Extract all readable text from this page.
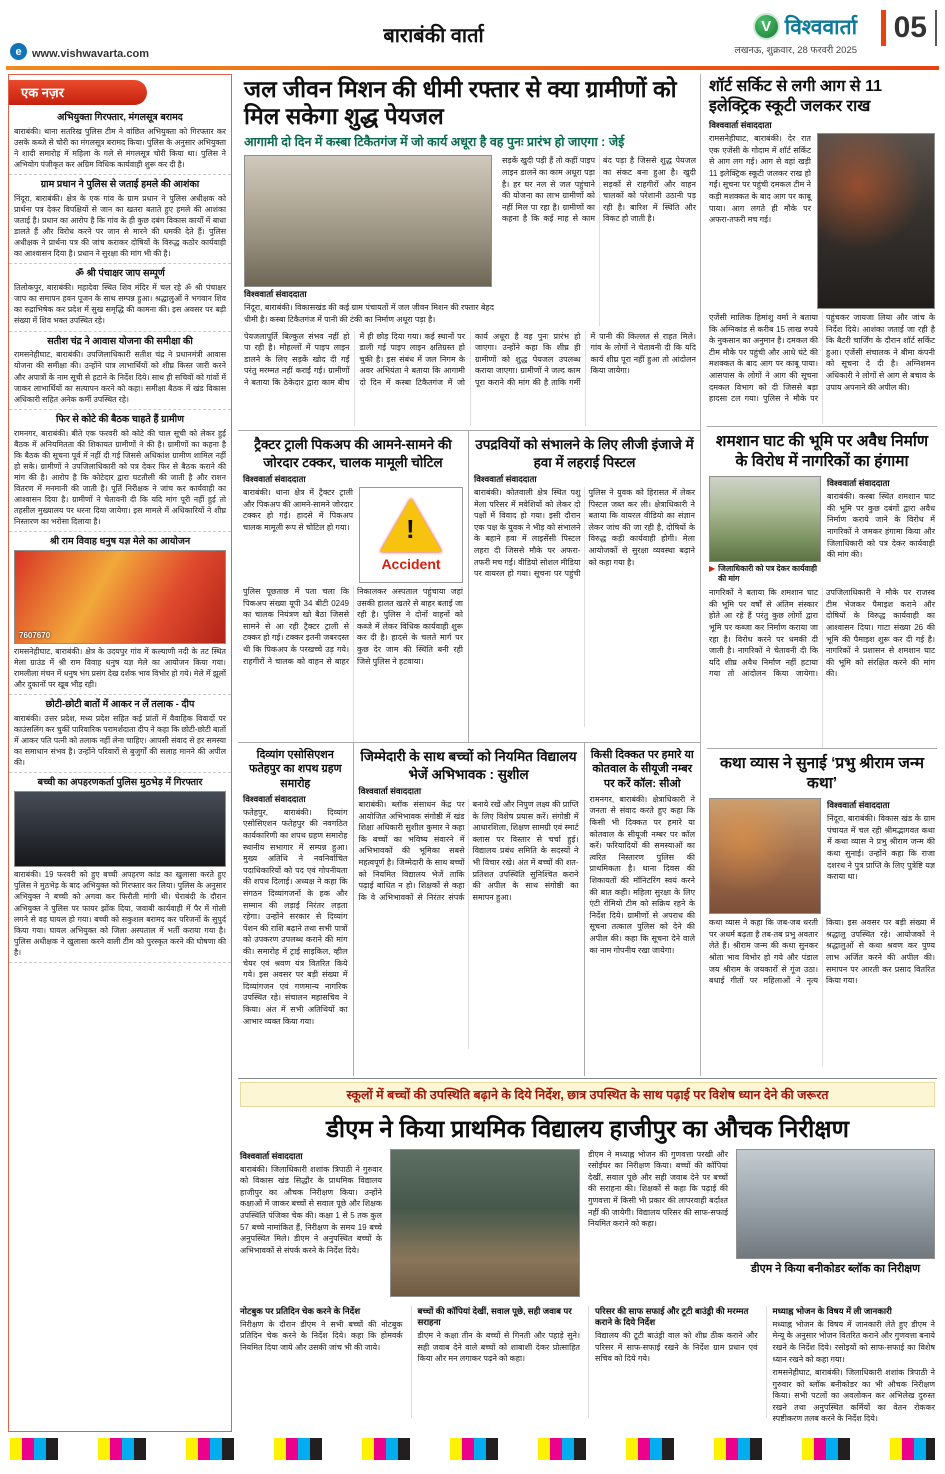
e www.vishwavarta.com
बाराबंकी वार्ता	V विश्ववार्ता
लखनऊ, शुक्रवार, 28 फरवरी 2025
05
एक नज़र
अभियुक्ता गिरफ्तार, मंगलसूत्र बरामद
बाराबंकी। थाना सतरिख पुलिस टीम ने वांछित अभियुक्ता को गिरफ्तार कर उसके कब्जे से चोरी का मंगलसूत्र बरामद किया। पुलिस के अनुसार अभियुक्ता ने शादी समारोह में महिला के गले से मंगलसूत्र चोरी किया था। पुलिस ने अभियोग पंजीकृत कर अग्रिम विधिक कार्यवाही शुरू कर दी है।
ग्राम प्रधान ने पुलिस से जताई हमले की आशंका
निंदूरा, बाराबंकी। क्षेत्र के एक गांव के ग्राम प्रधान ने पुलिस अधीक्षक को प्रार्थना पत्र देकर विपक्षियों से जान का खतरा बताते हुए हमले की आशंका जताई है। प्रधान का आरोप है कि गांव के ही कुछ दबंग विकास कार्यों में बाधा डालते हैं और विरोध करने पर जान से मारने की धमकी देते हैं। पुलिस अधीक्षक ने प्रार्थना पत्र की जांच कराकर दोषियों के विरुद्ध कठोर कार्यवाही का आश्वासन दिया है। प्रधान ने सुरक्षा की मांग भी की है।
ॐ श्री पंचाक्षर जाप सम्पूर्ण
तिलोकपुर, बाराबंकी। महादेवा स्थित शिव मंदिर में चल रहे ॐ श्री पंचाक्षर जाप का समापन हवन पूजन के साथ सम्पन्न हुआ। श्रद्धालुओं ने भगवान शिव का रुद्राभिषेक कर प्रदेश में सुख समृद्धि की कामना की। इस अवसर पर बड़ी संख्या में शिव भक्त उपस्थित रहे।
सतीश चंद्र ने आवास योजना की समीक्षा की
रामसनेहीघाट, बाराबंकी। उपजिलाधिकारी सतीश चंद्र ने प्रधानमंत्री आवास योजना की समीक्षा की। उन्होंने पात्र लाभार्थियों को शीघ्र किस्त जारी करने और अपात्रों के नाम सूची से हटाने के निर्देश दिये। साथ ही सचिवों को गांवों में जाकर लाभार्थियों का सत्यापन करने को कहा। समीक्षा बैठक में खंड विकास अधिकारी सहित अनेक कर्मी उपस्थित रहे।
फिर से कोटे की बैठक चाहते हैं ग्रामीण
रामनगर, बाराबंकी। बीते एक फरवरी को कोटे की चाल सूची को लेकर हुई बैठक में अनियमितता की शिकायत ग्रामीणों ने की है। ग्रामीणों का कहना है कि बैठक की सूचना पूर्व में नहीं दी गई जिससे अधिकांश ग्रामीण शामिल नहीं हो सके। ग्रामीणों ने उपजिलाधिकारी को पत्र देकर फिर से बैठक कराने की मांग की है। आरोप है कि कोटेदार द्वारा घटतौली की जाती है और राशन वितरण में मनमानी की जाती है। पूर्ति निरीक्षक ने जांच कर कार्यवाही का आश्वासन दिया है। ग्रामीणों ने चेतावनी दी कि यदि मांग पूरी नहीं हुई तो तहसील मुख्यालय पर धरना दिया जायेगा। इस मामले में अधिकारियों ने शीघ्र निस्तारण का भरोसा दिलाया है।
श्री राम विवाह धनुष यज्ञ मेले का आयोजन
7607670
रामसनेहीघाट, बाराबंकी। क्षेत्र के उदयपुर गांव में कल्याणी नदी के तट स्थित मेला ग्राउंड में श्री राम विवाह धनुष यज्ञ मेले का आयोजन किया गया। रामलीला मंचन में धनुष भंग प्रसंग देख दर्शक भाव विभोर हो गये। मेले में झूलों और दुकानों पर खूब भीड़ रही।
छोटी-छोटी बातों में आकर न लें तलाक - दीप
बाराबंकी। उत्तर प्रदेश, मध्य प्रदेश सहित कई प्रांतों में वैवाहिक विवादों पर काउंसलिंग कर चुकीं पारिवारिक परामर्शदाता दीप ने कहा कि छोटी-छोटी बातों में आकर पति पत्नी को तलाक नहीं लेना चाहिए। आपसी संवाद से हर समस्या का समाधान संभव है। उन्होंने परिवारों से बुजुर्गों की सलाह मानने की अपील की।
बच्ची का अपहरणकर्ता पुलिस मुठभेड़ में गिरफ्तार
बाराबंकी। 19 फरवरी को हुए बच्ची अपहरण कांड का खुलासा करते हुए पुलिस ने मुठभेड़ के बाद अभियुक्त को गिरफ्तार कर लिया। पुलिस के अनुसार अभियुक्त ने बच्ची को अगवा कर फिरौती मांगी थी। घेराबंदी के दौरान अभियुक्त ने पुलिस पर फायर झोंक दिया, जवाबी कार्यवाही में पैर में गोली लगने से वह घायल हो गया। बच्ची को सकुशल बरामद कर परिजनों के सुपुर्द किया गया। घायल अभियुक्त को जिला अस्पताल में भर्ती कराया गया है। पुलिस अधीक्षक ने खुलासा करने वाली टीम को पुरस्कृत करने की घोषणा की है।
जल जीवन मिशन की धीमी रफ्तार से क्या ग्रामीणों को मिल सकेगा शुद्ध पेयजल
आगामी दो दिन में कस्बा टिकैतगंज में जो कार्य अधूरा है वह पुनः प्रारंभ हो जाएगा : जेई
विश्ववार्ता संवाददाता
निंदूरा, बाराबंकी। विकासखंड की कई ग्राम पंचायतों में जल जीवन मिशन की रफ्तार बेहद धीमी है। कस्बा टिकैतगंज में पानी की टंकी का निर्माण अधूरा पड़ा है।
सड़कें खुदी पड़ी हैं तो कहीं पाइप लाइन डालने का काम अधूरा पड़ा है। हर घर नल से जल पहुंचाने की योजना का लाभ ग्रामीणों को नहीं मिल पा रहा है। ग्रामीणों का कहना है कि कई माह से काम बंद पड़ा है जिससे शुद्ध पेयजल का संकट बना हुआ है। खुदी सड़कों से राहगीरों और वाहन चालकों को परेशानी उठानी पड़ रही है। बारिश में स्थिति और विकट हो जाती है।
पेयजलापूर्ति बिल्कुल संभव नहीं हो पा रही है। मोहल्लों में पाइप लाइन डालने के लिए सड़कें खोद दी गईं परंतु मरम्मत नहीं कराई गई। ग्रामीणों ने बताया कि ठेकेदार द्वारा काम बीच में ही छोड़ दिया गया। कई स्थानों पर डाली गई पाइप लाइन क्षतिग्रस्त हो चुकी है। इस संबंध में जल निगम के अवर अभियंता ने बताया कि आगामी दो दिन में कस्बा टिकैतगंज में जो कार्य अधूरा है वह पुनः प्रारंभ हो जाएगा। उन्होंने कहा कि शीघ्र ही ग्रामीणों को शुद्ध पेयजल उपलब्ध कराया जाएगा। ग्रामीणों ने जल्द काम पूरा कराने की मांग की है ताकि गर्मी में पानी की किल्लत से राहत मिले। गांव के लोगों ने चेतावनी दी कि यदि कार्य शीघ्र पूरा नहीं हुआ तो आंदोलन किया जायेगा।
ट्रैक्टर ट्राली पिकअप की आमने-सामने की जोरदार टक्कर, चालक मामूली चोटिल
विश्ववार्ता संवाददाता
बाराबंकी। थाना क्षेत्र में ट्रैक्टर ट्राली और पिकअप की आमने-सामने जोरदार टक्कर हो गई। हादसे में पिकअप चालक मामूली रूप से चोटिल हो गया। !
Accident
पुलिस पूछताछ में पता चला कि पिकअप संख्या यूपी 34 बीटी 0249 का चालक नियंत्रण खो बैठा जिससे सामने से आ रही ट्रैक्टर ट्राली से टक्कर हो गई। टक्कर इतनी जबरदस्त थी कि पिकअप के परखच्चे उड़ गये। राहगीरों ने चालक को वाहन से बाहर निकालकर अस्पताल पहुंचाया जहां उसकी हालत खतरे से बाहर बताई जा रही है। पुलिस ने दोनों वाहनों को कब्जे में लेकर विधिक कार्यवाही शुरू कर दी है। हादसे के चलते मार्ग पर कुछ देर जाम की स्थिति बनी रही जिसे पुलिस ने हटवाया।
उपद्रवियों को संभालने के लिए लीजी इंजाजे में हवा में लहराई पिस्टल
विश्ववार्ता संवाददाता
बाराबंकी। कोतवाली क्षेत्र स्थित पशु मेला परिसर में मवेशियों को लेकर दो पक्षों में विवाद हो गया। इसी दौरान एक पक्ष के युवक ने भीड़ को संभालने के बहाने हवा में लाइसेंसी पिस्टल लहरा दी जिससे मौके पर अफरा-तफरी मच गई। वीडियो सोशल मीडिया पर वायरल हो गया। सूचना पर पहुंची पुलिस ने युवक को हिरासत में लेकर पिस्टल जब्त कर ली। क्षेत्राधिकारी ने बताया कि वायरल वीडियो का संज्ञान लेकर जांच की जा रही है, दोषियों के विरुद्ध कड़ी कार्यवाही होगी। मेला आयोजकों से सुरक्षा व्यवस्था बढ़ाने को कहा गया है।
दिव्यांग एसोसिएशन फतेहपुर का शपथ ग्रहण समारोह
विश्ववार्ता संवाददाता
फतेहपुर, बाराबंकी। दिव्यांग एसोसिएशन फतेहपुर की नवगठित कार्यकारिणी का शपथ ग्रहण समारोह स्थानीय सभागार में सम्पन्न हुआ। मुख्य अतिथि ने नवनिर्वाचित पदाधिकारियों को पद एवं गोपनीयता की शपथ दिलाई। अध्यक्ष ने कहा कि संगठन दिव्यांगजनों के हक और सम्मान की लड़ाई निरंतर लड़ता रहेगा। उन्होंने सरकार से दिव्यांग पेंशन की राशि बढ़ाने तथा सभी पात्रों को उपकरण उपलब्ध कराने की मांग की। समारोह में ट्राई साइकिल, व्हील चेयर एवं श्रवण यंत्र वितरित किये गये। इस अवसर पर बड़ी संख्या में दिव्यांगजन एवं गणमान्य नागरिक उपस्थित रहे। संचालन महासचिव ने किया। अंत में सभी अतिथियों का आभार व्यक्त किया गया।
जिम्मेदारी के साथ बच्चों को नियमित विद्यालय भेजें अभिभावक : सुशील
विश्ववार्ता संवाददाता
बाराबंकी। ब्लॉक संसाधन केंद्र पर आयोजित अभिभावक संगोष्ठी में खंड शिक्षा अधिकारी सुशील कुमार ने कहा कि बच्चों का भविष्य संवारने में अभिभावकों की भूमिका सबसे महत्वपूर्ण है। जिम्मेदारी के साथ बच्चों को नियमित विद्यालय भेजें ताकि पढ़ाई बाधित न हो। शिक्षकों से कहा कि वे अभिभावकों से निरंतर संपर्क बनाये रखें और निपुण लक्ष्य की प्राप्ति के लिए विशेष प्रयास करें। संगोष्ठी में आधारशिला, शिक्षण सामग्री एवं स्मार्ट क्लास पर विस्तार से चर्चा हुई। विद्यालय प्रबंध समिति के सदस्यों ने भी विचार रखे। अंत में बच्चों की शत-प्रतिशत उपस्थिति सुनिश्चित कराने की अपील के साथ संगोष्ठी का समापन हुआ।
किसी दिक्कत पर हमारे या कोतवाल के सीयूजी नम्बर पर करें कॉल: सीओ
रामनगर, बाराबंकी। क्षेत्राधिकारी ने जनता से संवाद करते हुए कहा कि किसी भी दिक्कत पर हमारे या कोतवाल के सीयूजी नम्बर पर कॉल करें। फरियादियों की समस्याओं का त्वरित निस्तारण पुलिस की प्राथमिकता है। थाना दिवस की शिकायतों की मॉनिटरिंग स्वयं करने की बात कही। महिला सुरक्षा के लिए एंटी रोमियो टीम को सक्रिय रहने के निर्देश दिये। ग्रामीणों से अपराध की सूचना तत्काल पुलिस को देने की अपील की। कहा कि सूचना देने वाले का नाम गोपनीय रखा जायेगा।
शॉर्ट सर्किट से लगी आग से 11 इलेक्ट्रिक स्कूटी जलकर राख
विश्ववार्ता संवाददाता
रामसनेहीघाट, बाराबंकी। देर रात एक एजेंसी के गोदाम में शॉर्ट सर्किट से आग लग गई। आग से वहां खड़ी 11 इलेक्ट्रिक स्कूटी जलकर राख हो गईं। सूचना पर पहुंची दमकल टीम ने कड़ी मशक्कत के बाद आग पर काबू पाया। आग लगते ही मौके पर अफरा-तफरी मच गई।
एजेंसी मालिक हिमांशु वर्मा ने बताया कि अग्निकांड से करीब 15 लाख रुपये के नुकसान का अनुमान है। दमकल की टीम मौके पर पहुंची और आधे घंटे की मशक्कत के बाद आग पर काबू पाया। आसपास के लोगों ने आग की सूचना दमकल विभाग को दी जिससे बड़ा हादसा टल गया। पुलिस ने मौके पर पहुंचकर जायजा लिया और जांच के निर्देश दिये। आशंका जताई जा रही है कि बैटरी चार्जिंग के दौरान शॉर्ट सर्किट हुआ। एजेंसी संचालक ने बीमा कंपनी को सूचना दे दी है। अग्निशमन अधिकारी ने लोगों से आग से बचाव के उपाय अपनाने की अपील की।
शमशान घाट की भूमि पर अवैध निर्माण के विरोध में नागरिकों का हंगामा
▶ जिलाधिकारी को पत्र देकर कार्यवाही की मांग
विश्ववार्ता संवाददाता
बाराबंकी। कस्बा स्थित शमशान घाट की भूमि पर कुछ दबंगों द्वारा अवैध निर्माण कराये जाने के विरोध में नागरिकों ने जमकर हंगामा किया और जिलाधिकारी को पत्र देकर कार्यवाही की मांग की।
नागरिकों ने बताया कि शमशान घाट की भूमि पर वर्षों से अंतिम संस्कार होते आ रहे हैं परंतु कुछ लोगों द्वारा भूमि पर कब्जा कर निर्माण कराया जा रहा है। विरोध करने पर धमकी दी जाती है। नागरिकों ने चेतावनी दी कि यदि शीघ्र अवैध निर्माण नहीं हटाया गया तो आंदोलन किया जायेगा। उपजिलाधिकारी ने मौके पर राजस्व टीम भेजकर पैमाइश कराने और दोषियों के विरुद्ध कार्यवाही का आश्वासन दिया। गाटा संख्या 26 की भूमि की पैमाइश शुरू कर दी गई है। नागरिकों ने प्रशासन से शमशान घाट की भूमि को संरक्षित करने की मांग की।
कथा व्यास ने सुनाई ‘प्रभु श्रीराम जन्म कथा’
विश्ववार्ता संवाददाता
निंदूरा, बाराबंकी। विकास खंड के ग्राम पंचायत में चल रही श्रीमद्भागवत कथा में कथा व्यास ने प्रभु श्रीराम जन्म की कथा सुनाई। उन्होंने कहा कि राजा दशरथ ने पुत्र प्राप्ति के लिए पुत्रेष्टि यज्ञ कराया था।
कथा व्यास ने कहा कि जब-जब धरती पर अधर्म बढ़ता है तब-तब प्रभु अवतार लेते हैं। श्रीराम जन्म की कथा सुनकर श्रोता भाव विभोर हो गये और पंडाल जय श्रीराम के जयकारों से गूंज उठा। बधाई गीतों पर महिलाओं ने नृत्य किया। इस अवसर पर बड़ी संख्या में श्रद्धालु उपस्थित रहे। आयोजकों ने श्रद्धालुओं से कथा श्रवण कर पुण्य लाभ अर्जित करने की अपील की। समापन पर आरती कर प्रसाद वितरित किया गया।
स्कूलों में बच्चों की उपस्थिति बढ़ाने के दिये निर्देश, छात्र उपस्थित के साथ पढ़ाई पर विशेष ध्यान देने की जरूरत
डीएम ने किया प्राथमिक विद्यालय हाजीपुर का औचक निरीक्षण
विश्ववार्ता संवाददाता
बाराबंकी। जिलाधिकारी शशांक त्रिपाठी ने गुरुवार को विकास खंड सिद्धौर के प्राथमिक विद्यालय हाजीपुर का औचक निरीक्षण किया। उन्होंने कक्षाओं में जाकर बच्चों से सवाल पूछे और शिक्षक उपस्थिति पंजिका चेक की। कक्षा 1 से 5 तक कुल 57 बच्चे नामांकित हैं, निरीक्षण के समय 19 बच्चे अनुपस्थित मिले। डीएम ने अनुपस्थित बच्चों के अभिभावकों से संपर्क करने के निर्देश दिये।
डीएम ने मध्याह्न भोजन की गुणवत्ता परखी और रसोईघर का निरीक्षण किया। बच्चों की कॉपियां देखीं, सवाल पूछे और सही जवाब देने पर बच्चों की सराहना की। शिक्षकों से कहा कि पढ़ाई की गुणवत्ता में किसी भी प्रकार की लापरवाही बर्दाश्त नहीं की जायेगी। विद्यालय परिसर की साफ-सफाई नियमित कराने को कहा।
डीएम ने किया बनीकोडर ब्लॉक का निरीक्षण
नोटबुक पर प्रतिदिन चेक करने के निर्देश
निरीक्षण के दौरान डीएम ने सभी बच्चों की नोटबुक प्रतिदिन चेक करने के निर्देश दिये। कहा कि होमवर्क नियमित दिया जाये और उसकी जांच भी की जाये।
बच्चों की कॉपियां देखीं, सवाल पूछे, सही जवाब पर सराहना
डीएम ने कक्षा तीन के बच्चों से गिनती और पहाड़े सुने। सही जवाब देने वाले बच्चों को शाबाशी देकर प्रोत्साहित किया और मन लगाकर पढ़ने को कहा।
परिसर की साफ सफाई और टूटी बाउंड्री की मरम्मत कराने के दिये निर्देश
विद्यालय की टूटी बाउंड्री वाल को शीघ्र ठीक कराने और परिसर में साफ-सफाई रखने के निर्देश ग्राम प्रधान एवं सचिव को दिये गये।
मध्याह्न भोजन के विषय में ली जानकारी
मध्याह्न भोजन के विषय में जानकारी लेते हुए डीएम ने मेन्यू के अनुसार भोजन वितरित कराने और गुणवत्ता बनाये रखने के निर्देश दिये। रसोइयों को साफ-सफाई का विशेष ध्यान रखने को कहा गया।
रामसनेहीघाट, बाराबंकी। जिलाधिकारी शशांक त्रिपाठी ने गुरुवार को ब्लॉक बनीकोडर का भी औचक निरीक्षण किया। सभी पटलों का अवलोकन कर अभिलेख दुरुस्त रखने तथा अनुपस्थित कर्मियों का वेतन रोककर स्पष्टीकरण तलब करने के निर्देश दिये।
